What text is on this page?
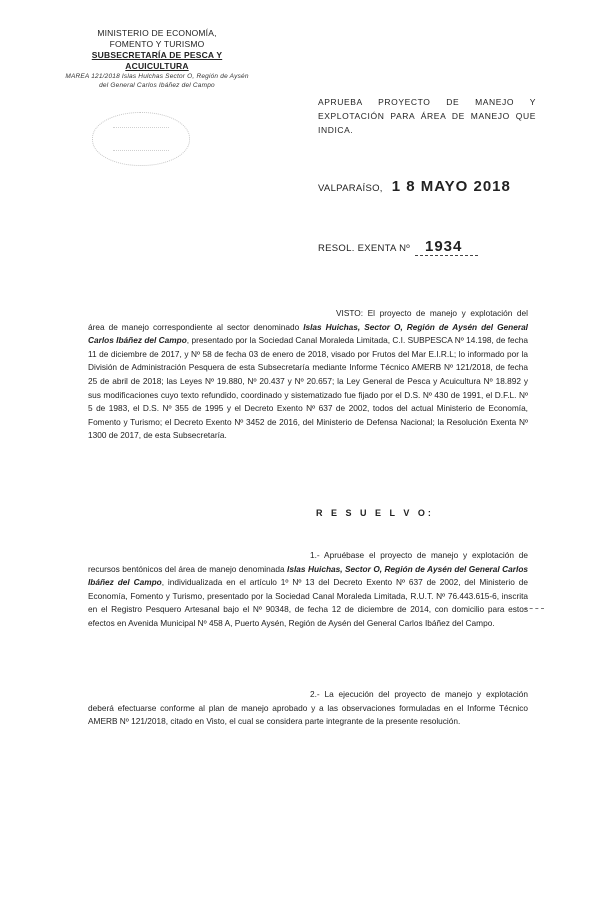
MINISTERIO DE ECONOMÍA,
FOMENTO Y TURISMO
SUBSECRETARÍA DE PESCA Y ACUICULTURA
MAREA 121/2018 Islas Hulchas Sector O, Región de Aysén
del General Carlos Ibáñez del Campo
APRUEBA PROYECTO DE MANEJO Y EXPLOTACIÓN PARA ÁREA DE MANEJO QUE INDICA.
VALPARAÍSO, 1 8 MAYO 2018
RESOL. EXENTA Nº 1934
VISTO: El proyecto de manejo y explotación del área de manejo correspondiente al sector denominado Islas Huichas, Sector O, Región de Aysén del General Carlos Ibáñez del Campo, presentado por la Sociedad Canal Moraleda Limitada, C.I. SUBPESCA Nº 14.198, de fecha 11 de diciembre de 2017, y Nº 58 de fecha 03 de enero de 2018, visado por Frutos del Mar E.I.R.L; lo informado por la División de Administración Pesquera de esta Subsecretaría mediante Informe Técnico AMERB Nº 121/2018, de fecha 25 de abril de 2018; las Leyes Nº 19.880, Nº 20.437 y Nº 20.657; la Ley General de Pesca y Acuicultura Nº 18.892 y sus modificaciones cuyo texto refundido, coordinado y sistematizado fue fijado por el D.S. Nº 430 de 1991, el D.F.L. Nº 5 de 1983, el D.S. Nº 355 de 1995 y el Decreto Exento Nº 637 de 2002, todos del actual Ministerio de Economía, Fomento y Turismo; el Decreto Exento Nº 3452 de 2016, del Ministerio de Defensa Nacional; la Resolución Exenta Nº 1300 de 2017, de esta Subsecretaría.
R E S U E L V O:
1.- Apruébase el proyecto de manejo y explotación de recursos bentónicos del área de manejo denominada Islas Huichas, Sector O, Región de Aysén del General Carlos Ibáñez del Campo, individualizada en el artículo 1º Nº 13 del Decreto Exento Nº 637 de 2002, del Ministerio de Economía, Fomento y Turismo, presentado por la Sociedad Canal Moraleda Limitada, R.U.T. Nº 76.443.615-6, inscrita en el Registro Pesquero Artesanal bajo el Nº 90348, de fecha 12 de diciembre de 2014, con domicilio para estos efectos en Avenida Municipal Nº 458 A, Puerto Aysén, Región de Aysén del General Carlos Ibáñez del Campo.
2.- La ejecución del proyecto de manejo y explotación deberá efectuarse conforme al plan de manejo aprobado y a las observaciones formuladas en el Informe Técnico AMERB Nº 121/2018, citado en Visto, el cual se considera parte integrante de la presente resolución.
